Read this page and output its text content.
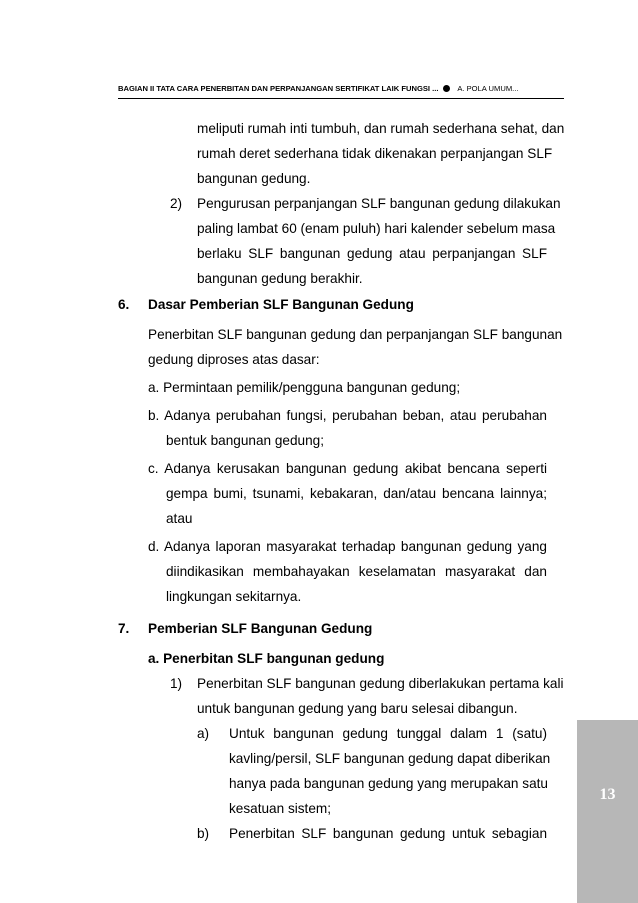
BAGIAN II TATA CARA PENERBITAN DAN PERPANJANGAN SERTIFIKAT LAIK FUNGSI ... A. POLA UMUM...
meliputi rumah inti tumbuh, dan rumah sederhana sehat, dan
rumah deret sederhana tidak dikenakan perpanjangan SLF
bangunan gedung.
2) Pengurusan perpanjangan SLF bangunan gedung dilakukan
paling lambat 60 (enam puluh) hari kalender sebelum masa
berlaku SLF bangunan gedung atau perpanjangan SLF
bangunan gedung berakhir.
6. Dasar Pemberian SLF Bangunan Gedung
Penerbitan SLF bangunan gedung dan perpanjangan SLF bangunan
gedung diproses atas dasar:
a. Permintaan pemilik/pengguna bangunan gedung;
b. Adanya perubahan fungsi, perubahan beban, atau perubahan
bentuk bangunan gedung;
c. Adanya kerusakan bangunan gedung akibat bencana seperti
gempa bumi, tsunami, kebakaran, dan/atau bencana lainnya;
atau
d. Adanya laporan masyarakat terhadap bangunan gedung yang
diindikasikan membahayakan keselamatan masyarakat dan
lingkungan sekitarnya.
7. Pemberian SLF Bangunan Gedung
a. Penerbitan SLF bangunan gedung
1) Penerbitan SLF bangunan gedung diberlakukan pertama kali
untuk bangunan gedung yang baru selesai dibangun.
a) Untuk bangunan gedung tunggal dalam 1 (satu)
kavling/persil, SLF bangunan gedung dapat diberikan
hanya pada bangunan gedung yang merupakan satu
kesatuan sistem;
b) Penerbitan SLF bangunan gedung untuk sebagian
13
